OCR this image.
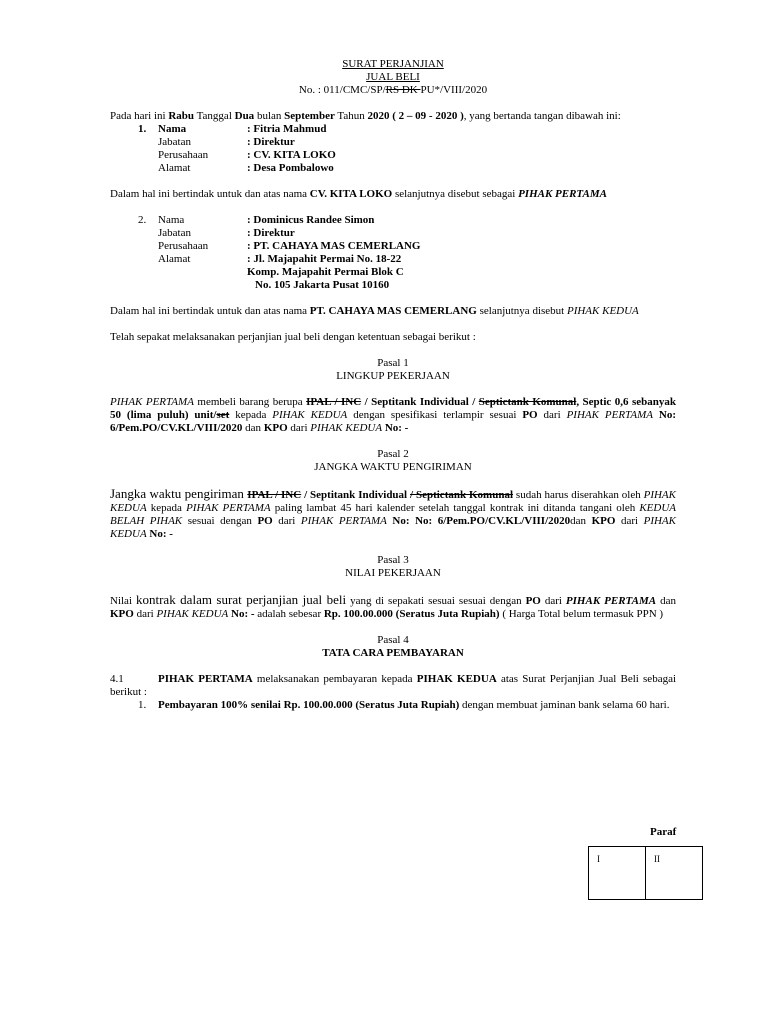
SURAT PERJANJIAN

JUAL BELI

No. : 011/CMC/SP/RS DK PU*/VIII/2020

Pada hari ini Rabu Tanggal Dua bulan September Tahun 2020 ( 2 – 09 - 2020 ), yang bertanda tangan dibawah ini:

1.	Nama	: Fitria Mahmud
	Jabatan	: Direktur
	Perusahaan	: CV. KITA LOKO
	Alamat	: Desa Pombalowo

Dalam hal ini bertindak untuk dan atas nama CV. KITA LOKO selanjutnya disebut sebagai PIHAK PERTAMA

2.	Nama	: Dominicus Randee Simon
	Jabatan	: Direktur
	Perusahaan	: PT. CAHAYA MAS CEMERLANG
	Alamat	: Jl. Majapahit Permai No. 18-22
		Komp. Majapahit Permai Blok C
		No. 105 Jakarta Pusat 10160

Dalam hal ini bertindak untuk dan atas nama PT. CAHAYA MAS CEMERLANG selanjutnya disebut PIHAK KEDUA

Telah sepakat melaksanakan perjanjian jual beli dengan ketentuan sebagai berikut :

Pasal 1

LINGKUP PEKERJAAN

PIHAK PERTAMA membeli barang berupa IPAL / INC / Septitank Individual / Septictank Komunal, Septic 0,6 sebanyak 50 (lima puluh) unit/set kepada PIHAK KEDUA dengan spesifikasi terlampir sesuai PO dari PIHAK PERTAMA No: 6/Pem.PO/CV.KL/VIII/2020 dan KPO dari PIHAK KEDUA No: -

Pasal 2

JANGKA WAKTU PENGIRIMAN

Jangka waktu pengiriman IPAL / INC / Septitank Individual / Septictank Komunal sudah harus diserahkan oleh PIHAK KEDUA kepada PIHAK PERTAMA paling lambat 45 hari kalender setelah tanggal kontrak ini ditanda tangani oleh KEDUA BELAH PIHAK sesuai dengan PO dari PIHAK PERTAMA No: No: 6/Pem.PO/CV.KL/VIII/2020dan KPO dari PIHAK KEDUA No: -

Pasal 3

NILAI PEKERJAAN

Nilai kontrak dalam surat perjanjian jual beli yang di sepakati sesuai sesuai dengan PO dari PIHAK PERTAMA dan KPO dari PIHAK KEDUA No: - adalah sebesar Rp. 100.00.000 (Seratus Juta Rupiah) ( Harga Total belum termasuk PPN )

Pasal 4

TATA CARA PEMBAYARAN

4.1	PIHAK PERTAMA melaksanakan pembayaran kepada PIHAK KEDUA atas Surat Perjanjian Jual Beli sebagai berikut :

1.	Pembayaran 100% senilai Rp. 100.00.000 (Seratus Juta Rupiah) dengan membuat jaminan bank selama 60 hari.

Paraf
I	II
